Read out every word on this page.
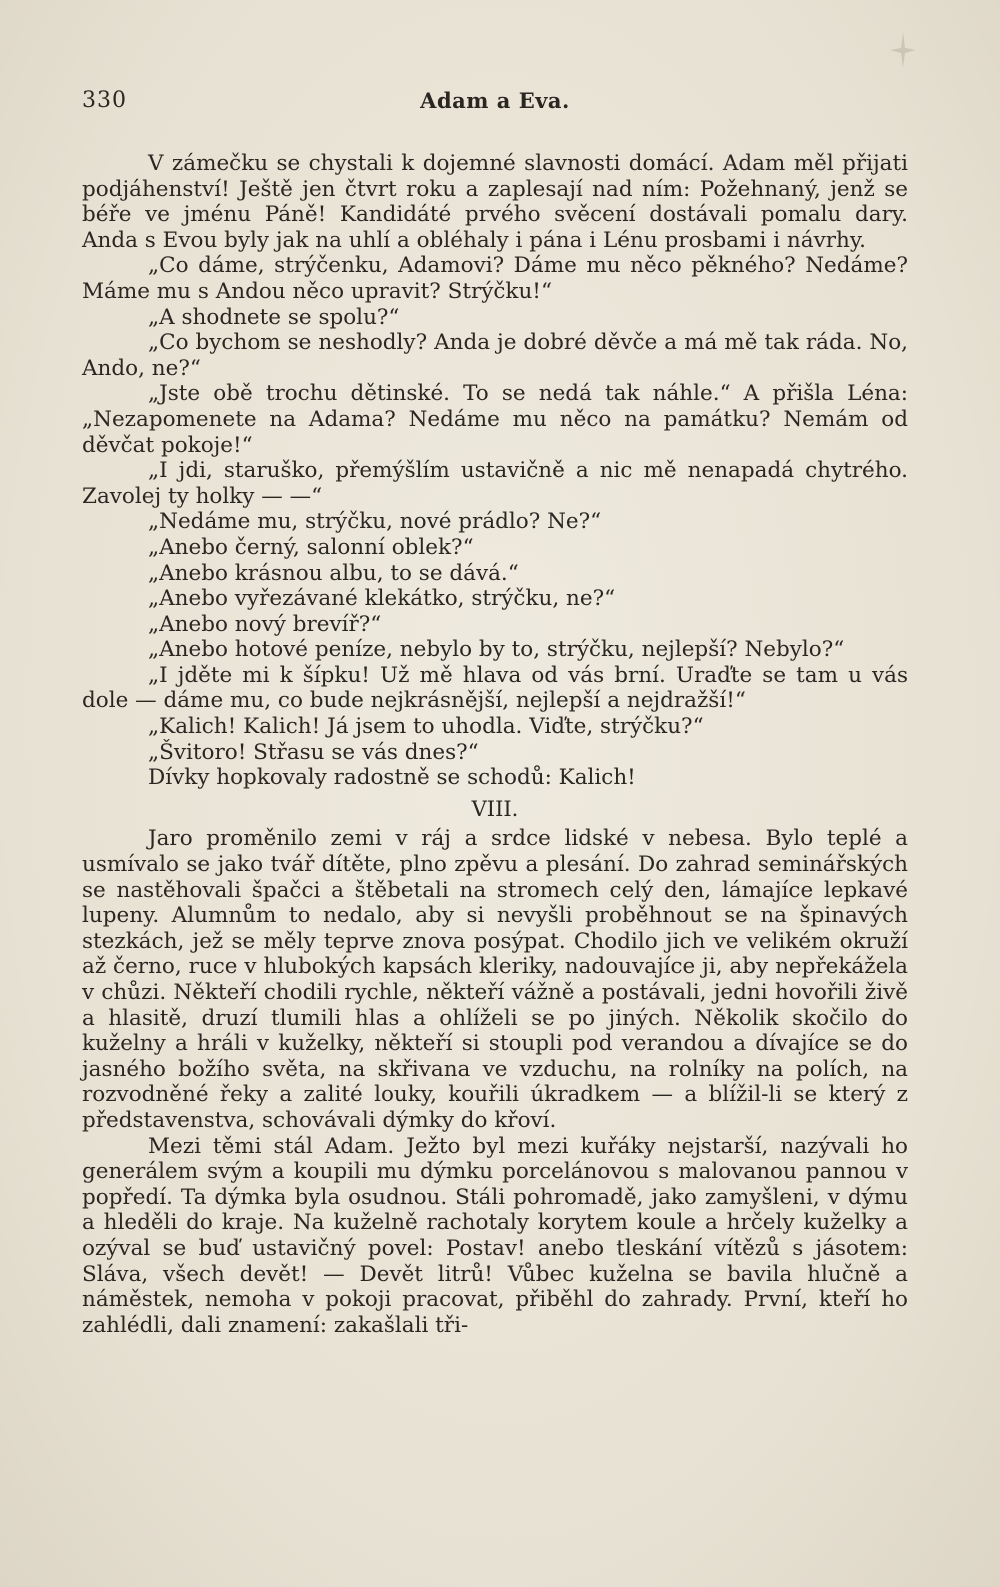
330	Adam a Eva.

V zámečku se chystali k dojemné slavnosti domácí. Adam měl přijati podjáhenství! Ještě jen čtvrt roku a zaplesají nad ním: Požehnaný, jenž se béře ve jménu Páně! Kandidáté prvého svěcení dostávali pomalu dary. Anda s Evou byly jak na uhlí a obléhaly i pána i Lénu prosbami i návrhy.

„Co dáme, strýčenku, Adamovi? Dáme mu něco pěkného? Nedáme? Máme mu s Andou něco upravit? Strýčku!“

„A shodnete se spolu?“

„Co bychom se neshodly? Anda je dobré děvče a má mě tak ráda. No, Ando, ne?“

„Jste obě trochu dětinské. To se nedá tak náhle.“ A přišla Léna: „Nezapomenete na Adama? Nedáme mu něco na památku? Nemám od děvčat pokoje!“

„I jdi, staruško, přemýšlím ustavičně a nic mě nenapadá chytrého. Zavolej ty holky — —“

„Nedáme mu, strýčku, nové prádlo? Ne?“

„Anebo černý, salonní oblek?“

„Anebo krásnou albu, to se dává.“

„Anebo vyřezávané klekátko, strýčku, ne?“

„Anebo nový brevíř?“

„Anebo hotové peníze, nebylo by to, strýčku, nejlepší? Nebylo?“

„I jděte mi k šípku! Už mě hlava od vás brní. Uraďte se tam u vás dole — dáme mu, co bude nejkrásnější, nejlepší a nejdražší!“

„Kalich! Kalich! Já jsem to uhodla. Viďte, strýčku?“

„Švitoro! Střasu se vás dnes?“

Dívky hopkovaly radostně se schodů: Kalich!

VIII.

Jaro proměnilo zemi v ráj a srdce lidské v nebesa. Bylo teplé a usmívalo se jako tvář dítěte, plno zpěvu a plesání. Do zahrad seminářských se nastěhovali špačci a štěbetali na stromech celý den, lámajíce lepkavé lupeny. Alumnům to nedalo, aby si nevyšli proběhnout se na špinavých stezkách, jež se měly teprve znova posýpat. Chodilo jich ve velikém okruží až černo, ruce v hlubokých kapsách kleriky, nadouvajíce ji, aby nepřekážela v chůzi. Někteří chodili rychle, někteří vážně a postávali, jedni hovořili živě a hlasitě, druzí tlumili hlas a ohlíželi se po jiných. Několik skočilo do kuželny a hráli v kuželky, někteří si stoupli pod verandou a dívajíce se do jasného božího světa, na skřivana ve vzduchu, na rolníky na polích, na rozvodněné řeky a zalité louky, kouřili úkradkem — a blížil-li se který z představenstva, schovávali dýmky do křoví.

Mezi těmi stál Adam. Ježto byl mezi kuřáky nejstarší, nazývali ho generálem svým a koupili mu dýmku porcelánovou s malovanou pannou v popředí. Ta dýmka byla osudnou. Stáli pohromadě, jako zamyšleni, v dýmu a hleděli do kraje. Na kuželně rachotaly korytem koule a hrčely kuželky a ozýval se buď ustavičný povel: Postav! anebo tleskání vítězů s jásotem: Sláva, všech devět! — Devět litrů! Vůbec kuželna se bavila hlučně a náměstek, nemoha v pokoji pracovat, přiběhl do zahrady. První, kteří ho zahlédli, dali znamení: zakašlali tři-
